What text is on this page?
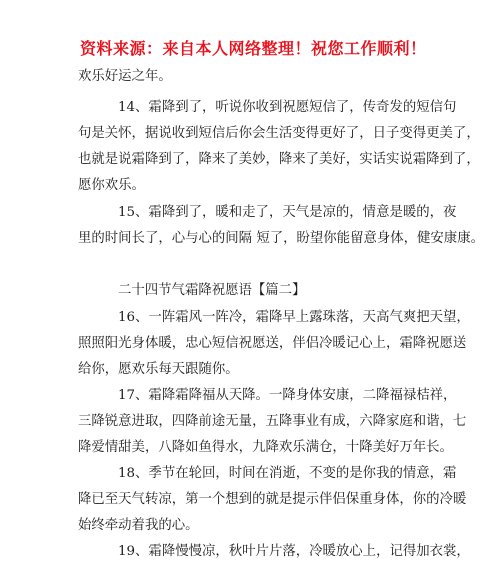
资料来源：来自本人网络整理！祝您工作顺利！
欢乐好运之年。
14、霜降到了，听说你收到祝愿短信了，传奇发的短信句
句是关怀，据说收到短信后你会生活变得更好了，日子变得更美了，
也就是说霜降到了，降来了美妙，降来了美好，实话实说霜降到了，
愿你欢乐。
15、霜降到了，暖和走了，天气是凉的，情意是暖的，夜
里的时间长了，心与心的间隔 短了，盼望你能留意身体，健安康康。
二十四节气霜降祝愿语【篇二】
16、一阵霜风一阵冷，霜降早上露珠落，天高气爽把天望，
照照阳光身体暖，忠心短信祝愿送，伴侣冷暖记心上，霜降祝愿送
给你，愿欢乐每天跟随你。
17、霜降霜降福从天降。一降身体安康，二降福禄桔祥，
三降锐意进取，四降前途无量，五降事业有成，六降家庭和谐，七
降爱情甜美，八降如鱼得水，九降欢乐满仓，十降美好万年长。
18、季节在轮回，时间在消逝，不变的是你我的情意，霜
降已至天气转凉，第一个想到的就是提示伴侣保重身体，你的冷暖
始终牵动着我的心。
19、霜降慢慢凉，秋叶片片落，冷暖放心上，记得加衣裳，
